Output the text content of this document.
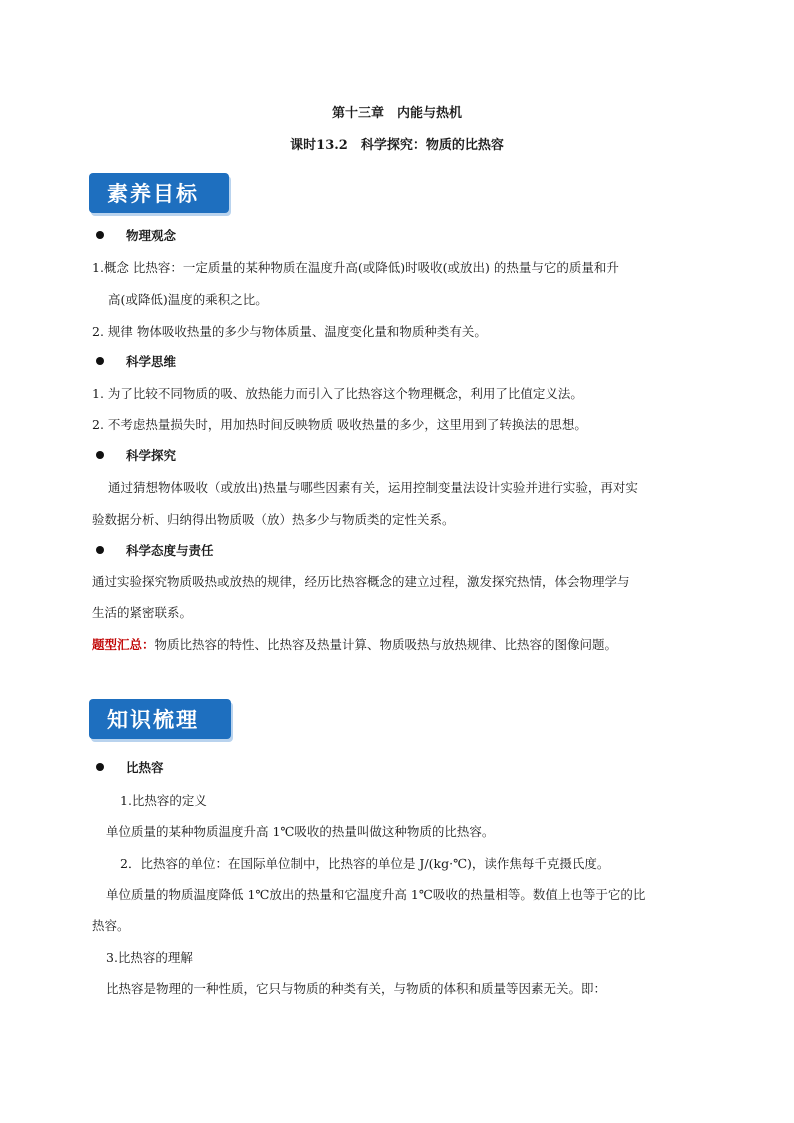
第十三章　内能与热机
课时13.2　科学探究：物质的比热容
素养目标
物理观念
1.概念 比热容：一定质量的某种物质在温度升高(或降低)时吸收(或放出) 的热量与它的质量和升
高(或降低)温度的乘积之比。
2. 规律 物体吸收热量的多少与物体质量、温度变化量和物质种类有关。
科学思维
1. 为了比较不同物质的吸、放热能力而引入了比热容这个物理概念，利用了比值定义法。
2. 不考虑热量损失时，用加热时间反映物质 吸收热量的多少，这里用到了转换法的思想。
科学探究
通过猜想物体吸收（或放出)热量与哪些因素有关，运用控制变量法设计实验并进行实验，再对实
验数据分析、归纳得出物质吸（放）热多少与物质类的定性关系。
科学态度与责任
通过实验探究物质吸热或放热的规律，经历比热容概念的建立过程，激发探究热情，体会物理学与
生活的紧密联系。
题型汇总：物质比热容的特性、比热容及热量计算、物质吸热与放热规律、比热容的图像问题。
知识梳理
比热容
1.比热容的定义
单位质量的某种物质温度升高 1℃吸收的热量叫做这种物质的比热容。
2．比热容的单位：在国际单位制中，比热容的单位是 J/(kg·℃)，读作焦每千克摄氏度。
单位质量的物质温度降低 1℃放出的热量和它温度升高 1℃吸收的热量相等。数值上也等于它的比
热容。
3.比热容的理解
比热容是物理的一种性质，它只与物质的种类有关，与物质的体积和质量等因素无关。即：
